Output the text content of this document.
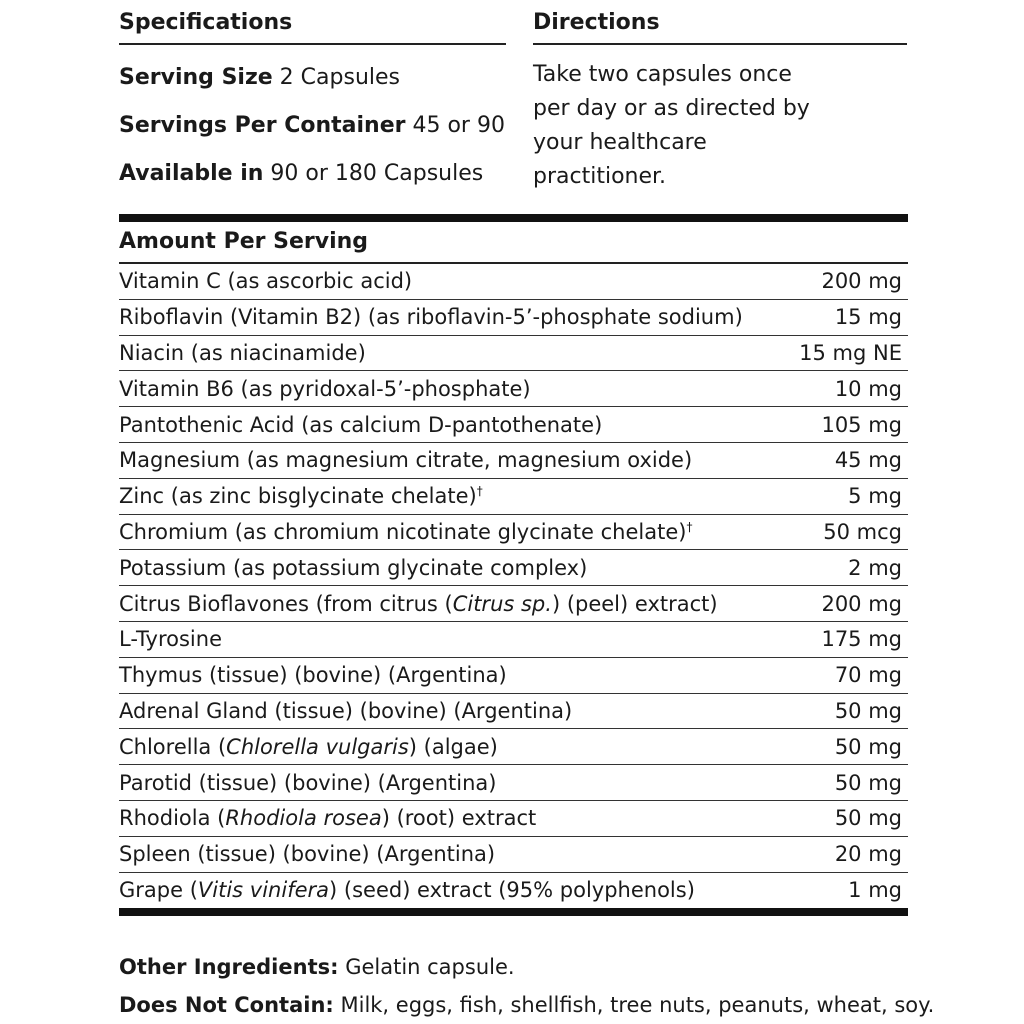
Specifications
Serving Size 2 Capsules
Servings Per Container 45 or 90
Available in 90 or 180 Capsules
Directions
Take two capsules once per day or as directed by your healthcare practitioner.
Amount Per Serving
Vitamin C (as ascorbic acid)	200 mg
Riboflavin (Vitamin B2) (as riboflavin-5’-phosphate sodium)	15 mg
Niacin (as niacinamide)	15 mg NE
Vitamin B6 (as pyridoxal-5’-phosphate)	10 mg
Pantothenic Acid (as calcium D-pantothenate)	105 mg
Magnesium (as magnesium citrate, magnesium oxide)	45 mg
Zinc (as zinc bisglycinate chelate)†	5 mg
Chromium (as chromium nicotinate glycinate chelate)†	50 mcg
Potassium (as potassium glycinate complex)	2 mg
Citrus Bioflavones (from citrus (Citrus sp.) (peel) extract)	200 mg
L-Tyrosine	175 mg
Thymus (tissue) (bovine) (Argentina)	70 mg
Adrenal Gland (tissue) (bovine) (Argentina)	50 mg
Chlorella (Chlorella vulgaris) (algae)	50 mg
Parotid (tissue) (bovine) (Argentina)	50 mg
Rhodiola (Rhodiola rosea) (root) extract	50 mg
Spleen (tissue) (bovine) (Argentina)	20 mg
Grape (Vitis vinifera) (seed) extract (95% polyphenols)	1 mg
Other Ingredients: Gelatin capsule.
Does Not Contain: Milk, eggs, fish, shellfish, tree nuts, peanuts, wheat, soy.
